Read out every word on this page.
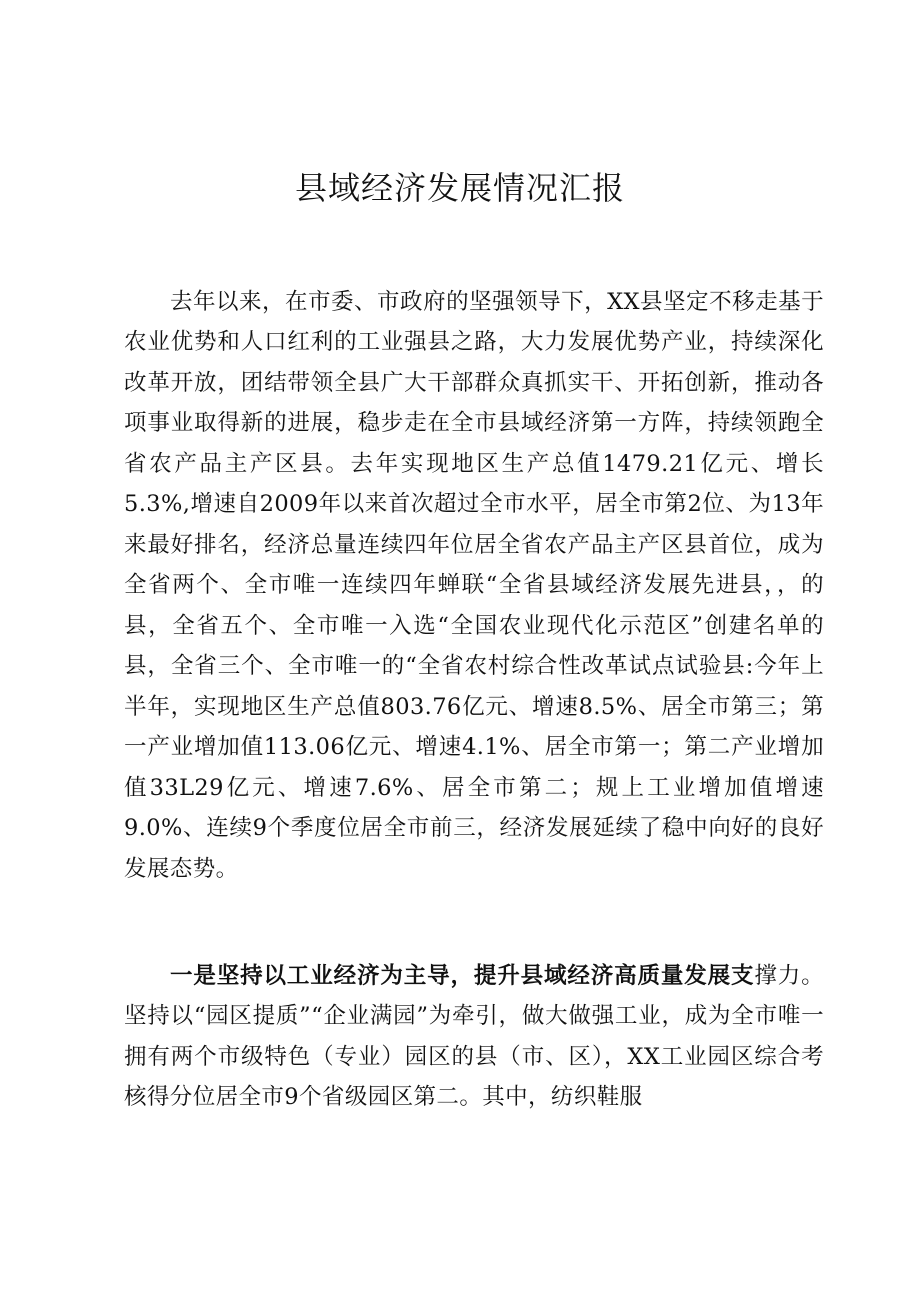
县域经济发展情况汇报

去年以来，在市委、市政府的坚强领导下，XX县坚定不移走基于农业优势和人口红利的工业强县之路，大力发展优势产业，持续深化改革开放，团结带领全县广大干部群众真抓实干、开拓创新，推动各项事业取得新的进展，稳步走在全市县域经济第一方阵，持续领跑全省农产品主产区县。去年实现地区生产总值1479.21亿元、增长5.3%,增速自2009年以来首次超过全市水平，居全市第2位、为13年来最好排名，经济总量连续四年位居全省农产品主产区县首位，成为全省两个、全市唯一连续四年蝉联“全省县域经济发展先进县，，的县，全省五个、全市唯一入选“全国农业现代化示范区”创建名单的县，全省三个、全市唯一的“全省农村综合性改革试点试验县:今年上半年，实现地区生产总值803.76亿元、增速8.5%、居全市第三；第一产业增加值113.06亿元、增速4.1%、居全市第一；第二产业增加值33L29亿元、增速7.6%、居全市第二；规上工业增加值增速9.0%、连续9个季度位居全市前三，经济发展延续了稳中向好的良好发展态势。

一是坚持以工业经济为主导，提升县域经济高质量发展支撑力。坚持以“园区提质”“企业满园”为牵引，做大做强工业，成为全市唯一拥有两个市级特色（专业）园区的县（市、区），XX工业园区综合考核得分位居全市9个省级园区第二。其中，纺织鞋服
